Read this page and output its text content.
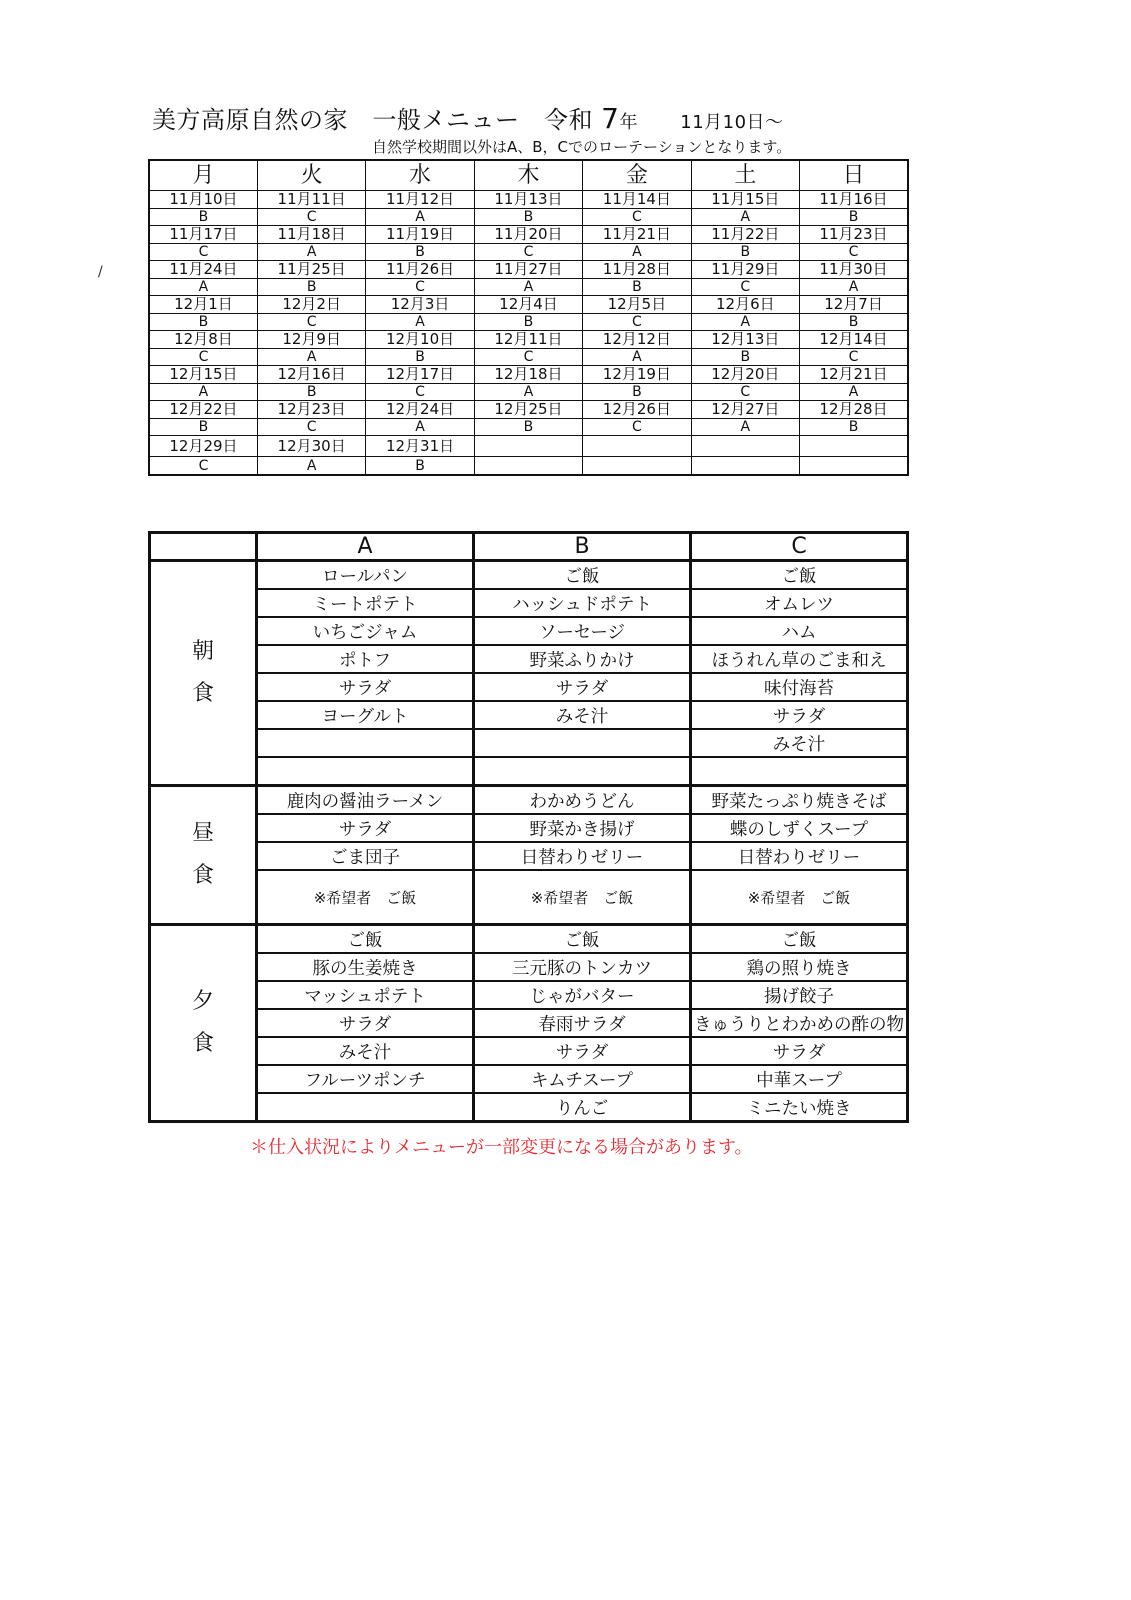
美方高原自然の家　一般メニュー　令和 7年 11月10日～
自然学校期間以外はA、B，Cでのローテーションとなります。
/
月	火	水	木	金	土	日
11月10日	11月11日	11月12日	11月13日	11月14日	11月15日	11月16日
B	C	A	B	C	A	B
11月17日	11月18日	11月19日	11月20日	11月21日	11月22日	11月23日
C	A	B	C	A	B	C
11月24日	11月25日	11月26日	11月27日	11月28日	11月29日	11月30日
A	B	C	A	B	C	A
12月1日	12月2日	12月3日	12月4日	12月5日	12月6日	12月7日
B	C	A	B	C	A	B
12月8日	12月9日	12月10日	12月11日	12月12日	12月13日	12月14日
C	A	B	C	A	B	C
12月15日	12月16日	12月17日	12月18日	12月19日	12月20日	12月21日
A	B	C	A	B	C	A
12月22日	12月23日	12月24日	12月25日	12月26日	12月27日	12月28日
B	C	A	B	C	A	B
12月29日	12月30日	12月31日				
C	A	B				
	A	B	C

朝
食	ロールパン	ご飯	ご飯
	ミートポテト	ハッシュドポテト	オムレツ
	いちごジャム	ソーセージ	ハム
	ポトフ	野菜ふりかけ	ほうれん草のごま和え
	サラダ	サラダ	味付海苔
	ヨーグルト	みそ汁	サラダ
			みそ汁

昼
食	鹿肉の醤油ラーメン	わかめうどん	野菜たっぷり焼きそば
	サラダ	野菜かき揚げ	蝶のしずくスープ
	ごま団子	日替わりゼリー	日替わりゼリー
	※希望者　ご飯	※希望者　ご飯	※希望者　ご飯

夕
食	ご飯	ご飯	ご飯
	豚の生姜焼き	三元豚のトンカツ	鶏の照り焼き
	マッシュポテト	じゃがバター	揚げ餃子
	サラダ	春雨サラダ	きゅうりとわかめの酢の物
	みそ汁	サラダ	サラダ
	フルーツポンチ	キムチスープ	中華スープ
		りんご	ミニたい焼き
＊仕入状況によりメニューが一部変更になる場合があります。
